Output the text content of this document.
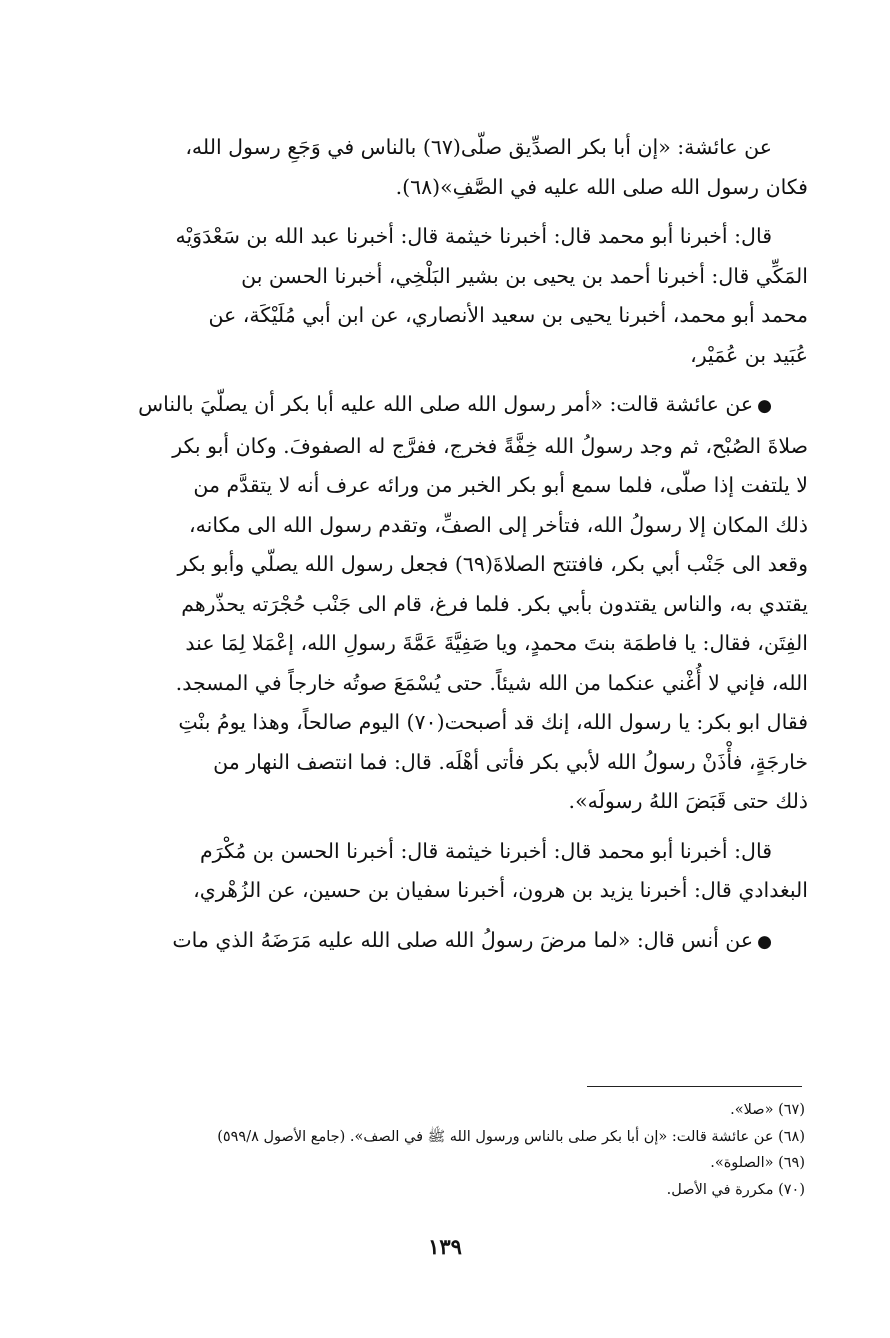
عن عائشة: «إن أبا بكر الصدِّيق صلّى(٦٧) بالناس في وَجَعِ رسول الله،

فكان رسول الله صلى الله عليه في الصَّفِ»(٦٨).

قال: أخبرنا أبو محمد قال: أخبرنا خيثمة قال: أخبرنا عبد الله بن سَعْدَوَيْه

المَكِّي قال: أخبرنا أحمد بن يحيى بن بشير البَلْخِي، أخبرنا الحسن بن

محمد أبو محمد، أخبرنا يحيى بن سعيد الأنصاري، عن ابن أبي مُلَيْكَة، عن

عُبَيد بن عُمَيْر،

●عن عائشة قالت: «أمر رسول الله صلى الله عليه أبا بكر أن يصلّيَ بالناس

صلاةَ الصُبْح، ثم وجد رسولُ الله خِفَّةً فخرج، ففرَّج له الصفوفَ. وكان أبو بكر

لا يلتفت إذا صلّى، فلما سمع أبو بكر الخبر من ورائه عرف أنه لا يتقدَّم من

ذلك المكان إلا رسولُ الله، فتأخر إلى الصفِّ، وتقدم رسول الله الى مكانه،

وقعد الى جَنْب أبي بكر، فافتتح الصلاةَ(٦٩) فجعل رسول الله يصلّي وأبو بكر

يقتدي به، والناس يقتدون بأبي بكر. فلما فرغ، قام الى جَنْب حُجْرَته يحذّرهم

الفِتَن، فقال: يا فاطمَة بنتَ محمدٍ، ويا صَفِيَّةَ عَمَّةَ رسولِ الله، إعْمَلا لِمَا عند

الله، فإني لا أُغْني عنكما من الله شيئاً. حتى يُسْمَعَ صوتُه خارجاً في المسجد.

فقال ابو بكر: يا رسول الله، إنك قد أصبحت(٧٠) اليوم صالحاً، وهذا يومُ بنْتِ

خارجَةٍ، فأْذَنْ رسولُ الله لأبي بكر فأتى أهْلَه. قال: فما انتصف النهار من

ذلك حتى قَبَضَ اللهُ رسولَه».

قال: أخبرنا أبو محمد قال: أخبرنا خيثمة قال: أخبرنا الحسن بن مُكْرَم

البغدادي قال: أخبرنا يزيد بن هرون، أخبرنا سفيان بن حسين، عن الزُهْري،

●عن أنس قال: «لما مرضَ رسولُ الله صلى الله عليه مَرَضَهُ الذي مات

(٦٧) «صلا».

(٦٨) عن عائشة قالت: «إن أبا بكر صلى بالناس ورسول الله ﷺ في الصف». (جامع الأصول ٥٩٩/٨)

(٦٩) «الصلوة».

(٧٠) مكررة في الأصل.

١٣٩
